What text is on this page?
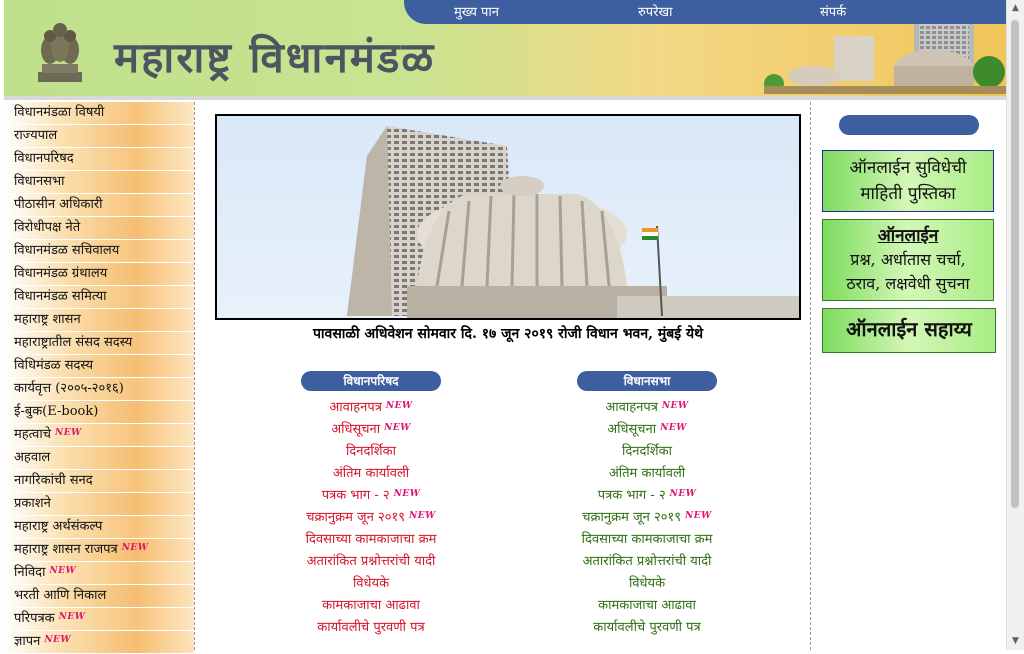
महाराष्ट्र विधानमंडळ
मुख्य पान	रुपरेखा	संपर्क
विधानमंडळा विषयी
राज्यपाल
विधानपरिषद
विधानसभा
पीठासीन अधिकारी
विरोधीपक्ष नेते
विधानमंडळ सचिवालय
विधानमंडळ ग्रंथालय
विधानमंडळ समित्या
महाराष्ट्र शासन
महाराष्ट्रातील संसद सदस्य
विधिमंडळ सदस्य
कार्यवृत्त (२००५-२०१६)
ई-बुक(E-book)
महत्वाचे NEW
अहवाल
नागरिकांची सनद
प्रकाशने
महाराष्ट्र अर्थसंकल्प
महाराष्ट्र शासन राजपत्र NEW
निविदा NEW
भरती आणि निकाल
परिपत्रक NEW
ज्ञापन NEW
पावसाळी अधिवेशन सोमवार दि. १७ जून २०१९ रोजी विधान भवन, मुंबई येथे
विधानपरिषद
आवाहनपत्र NEW
अधिसूचना NEW
दिनदर्शिका
अंतिम कार्यावली
पत्रक भाग - २ NEW
चक्रानुक्रम जून २०१९ NEW
दिवसाच्या कामकाजाचा क्रम
अतारांकित प्रश्नोत्तरांची यादी
विधेयके
कामकाजाचा आढावा
कार्यावलीचे पुरवणी पत्र
विधानसभा
आवाहनपत्र NEW
अधिसूचना NEW
दिनदर्शिका
अंतिम कार्यावली
पत्रक भाग - २ NEW
चक्रानुक्रम जून २०१९ NEW
दिवसाच्या कामकाजाचा क्रम
अतारांकित प्रश्नोत्तरांची यादी
विधेयके
कामकाजाचा आढावा
कार्यावलीचे पुरवणी पत्र
ऑनलाईन सुविधेची
माहिती पुस्तिका
ऑनलाईन
प्रश्न, अर्धातास चर्चा,
ठराव, लक्षवेधी सुचना
ऑनलाईन सहाय्य
▲
▼
